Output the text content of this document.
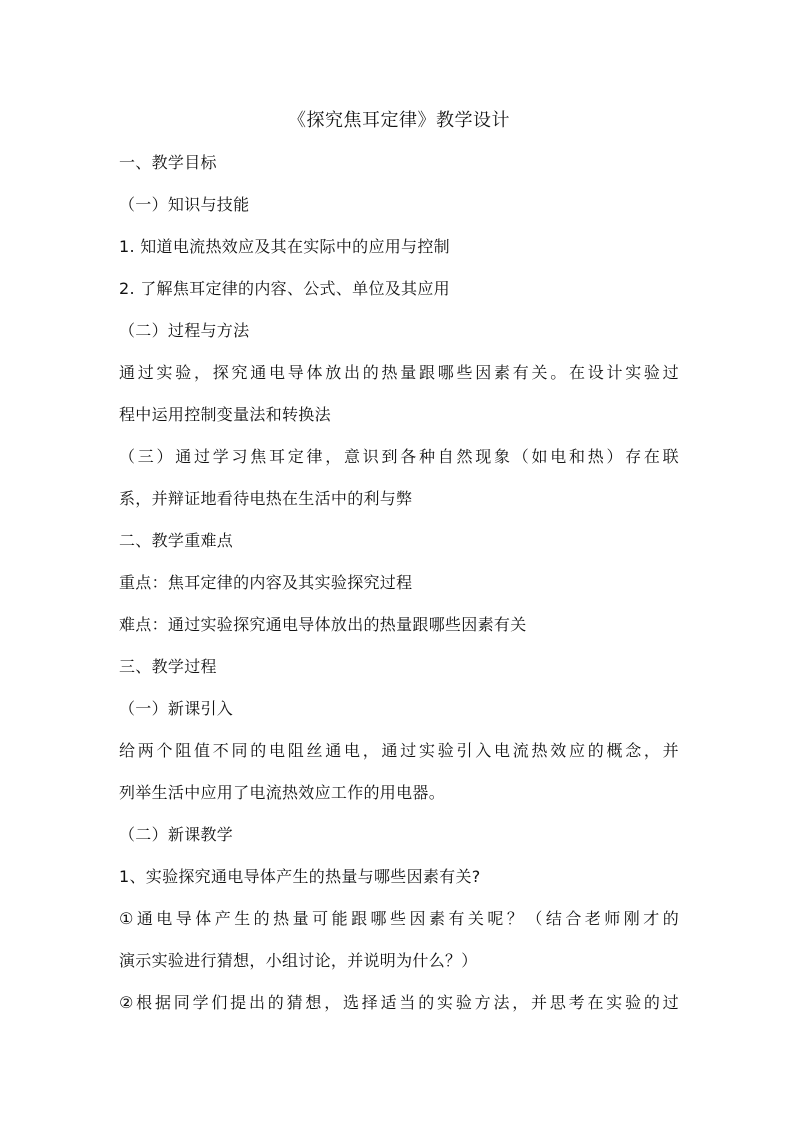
《探究焦耳定律》教学设计

一、教学目标

（一）知识与技能

1. 知道电流热效应及其在实际中的应用与控制

2. 了解焦耳定律的内容、公式、单位及其应用

（二）过程与方法

通过实验，探究通电导体放出的热量跟哪些因素有关。在设计实验过

程中运用控制变量法和转换法

（三）通过学习焦耳定律，意识到各种自然现象（如电和热）存在联

系，并辩证地看待电热在生活中的利与弊

二、教学重难点

重点：焦耳定律的内容及其实验探究过程

难点：通过实验探究通电导体放出的热量跟哪些因素有关

三、教学过程

（一）新课引入

给两个阻值不同的电阻丝通电，通过实验引入电流热效应的概念，并

列举生活中应用了电流热效应工作的用电器。

（二）新课教学

1、实验探究通电导体产生的热量与哪些因素有关?

①通电导体产生的热量可能跟哪些因素有关呢？（结合老师刚才的

演示实验进行猜想，小组讨论，并说明为什么？）

②根据同学们提出的猜想，选择适当的实验方法，并思考在实验的过
